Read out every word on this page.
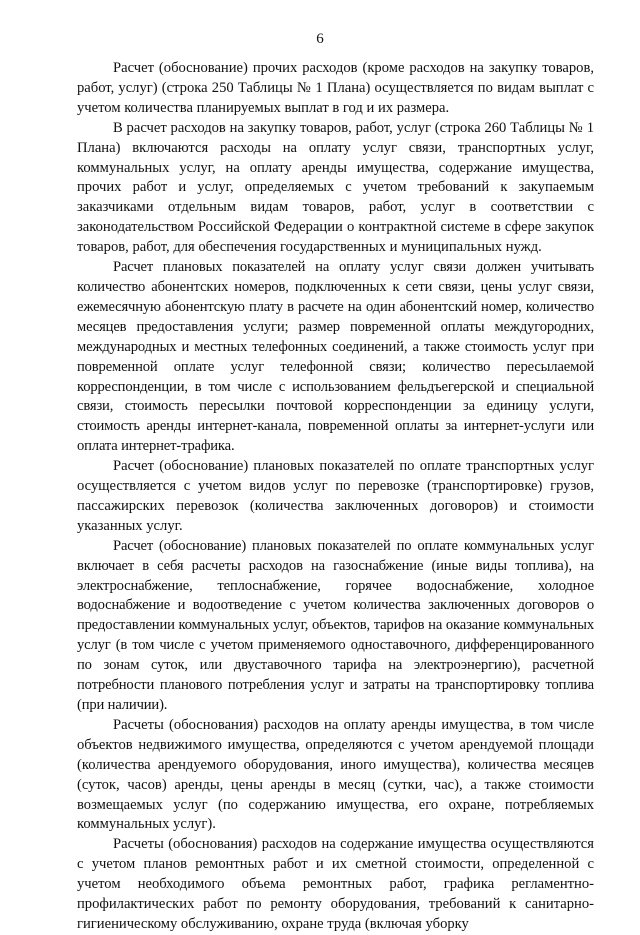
6

Расчет (обоснование) прочих расходов (кроме расходов на закупку товаров, работ, услуг) (строка 250 Таблицы № 1 Плана) осуществляется по видам выплат с учетом количества планируемых выплат в год и их размера.

В расчет расходов на закупку товаров, работ, услуг (строка 260 Таблицы № 1 Плана) включаются расходы на оплату услуг связи, транспортных услуг, коммунальных услуг, на оплату аренды имущества, содержание имущества, прочих работ и услуг, определяемых с учетом требований к закупаемым заказчиками отдельным видам товаров, работ, услуг в соответствии с законодательством Российской Федерации о контрактной системе в сфере закупок товаров, работ, для обеспечения государственных и муниципальных нужд.

Расчет плановых показателей на оплату услуг связи должен учитывать количество абонентских номеров, подключенных к сети связи, цены услуг связи, ежемесячную абонентскую плату в расчете на один абонентский номер, количество месяцев предоставления услуги; размер повременной оплаты междугородних, международных и местных телефонных соединений, а также стоимость услуг при повременной оплате услуг телефонной связи; количество пересылаемой корреспонденции, в том числе с использованием фельдъегерской и специальной связи, стоимость пересылки почтовой корреспонденции за единицу услуги, стоимость аренды интернет-канала, повременной оплаты за интернет-услуги или оплата интернет-трафика.

Расчет (обоснование) плановых показателей по оплате транспортных услуг осуществляется с учетом видов услуг по перевозке (транспортировке) грузов, пассажирских перевозок (количества заключенных договоров) и стоимости указанных услуг.

Расчет (обоснование) плановых показателей по оплате коммунальных услуг включает в себя расчеты расходов на газоснабжение (иные виды топлива), на электроснабжение, теплоснабжение, горячее водоснабжение, холодное водоснабжение и водоотведение с учетом количества заключенных договоров о предоставлении коммунальных услуг, объектов, тарифов на оказание коммунальных услуг (в том числе с учетом применяемого одноставочного, дифференцированного по зонам суток, или двуставочного тарифа на электроэнергию), расчетной потребности планового потребления услуг и затраты на транспортировку топлива (при наличии).

Расчеты (обоснования) расходов на оплату аренды имущества, в том числе объектов недвижимого имущества, определяются с учетом арендуемой площади (количества арендуемого оборудования, иного имущества), количества месяцев (суток, часов) аренды, цены аренды в месяц (сутки, час), а также стоимости возмещаемых услуг (по содержанию имущества, его охране, потребляемых коммунальных услуг).

Расчеты (обоснования) расходов на содержание имущества осуществляются с учетом планов ремонтных работ и их сметной стоимости, определенной с учетом необходимого объема ремонтных работ, графика регламентно-профилактических работ по ремонту оборудования, требований к санитарно-гигиеническому обслуживанию, охране труда (включая уборку
